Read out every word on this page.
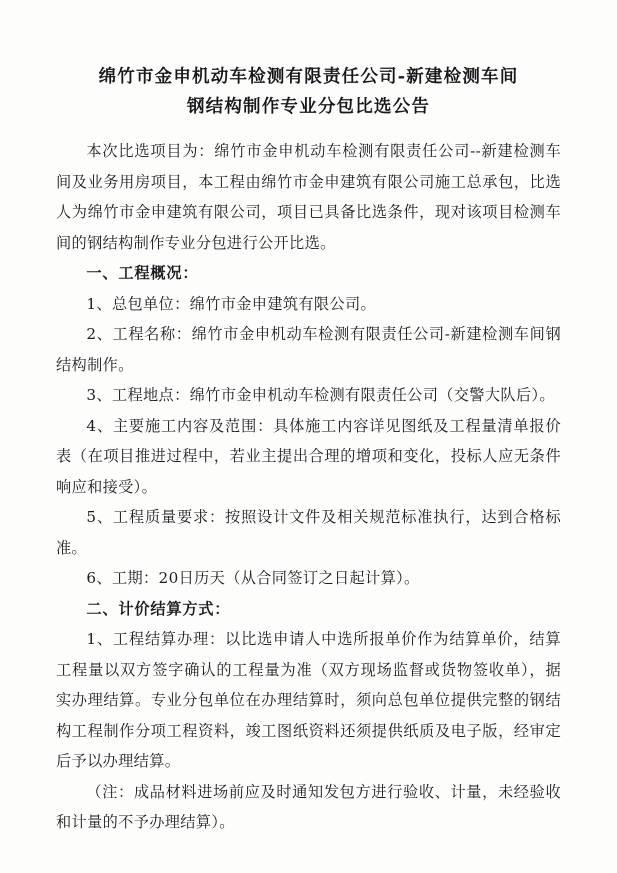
绵竹市金申机动车检测有限责任公司-新建检测车间
钢结构制作专业分包比选公告

本次比选项目为：绵竹市金申机动车检测有限责任公司--新建检测车间及业务用房项目，本工程由绵竹市金申建筑有限公司施工总承包，比选人为绵竹市金申建筑有限公司，项目已具备比选条件，现对该项目检测车间的钢结构制作专业分包进行公开比选。

一、工程概况：

1、总包单位：绵竹市金申建筑有限公司。

2、工程名称：绵竹市金申机动车检测有限责任公司-新建检测车间钢结构制作。

3、工程地点：绵竹市金申机动车检测有限责任公司（交警大队后）。

4、主要施工内容及范围：具体施工内容详见图纸及工程量清单报价表（在项目推进过程中，若业主提出合理的增项和变化，投标人应无条件响应和接受）。

5、工程质量要求：按照设计文件及相关规范标准执行，达到合格标准。

6、工期：20日历天（从合同签订之日起计算）。

二、计价结算方式：

1、工程结算办理：以比选申请人中选所报单价作为结算单价，结算工程量以双方签字确认的工程量为准（双方现场监督或货物签收单），据实办理结算。专业分包单位在办理结算时，须向总包单位提供完整的钢结构工程制作分项工程资料，竣工图纸资料还须提供纸质及电子版，经审定后予以办理结算。

（注：成品材料进场前应及时通知发包方进行验收、计量，未经验收和计量的不予办理结算）。
